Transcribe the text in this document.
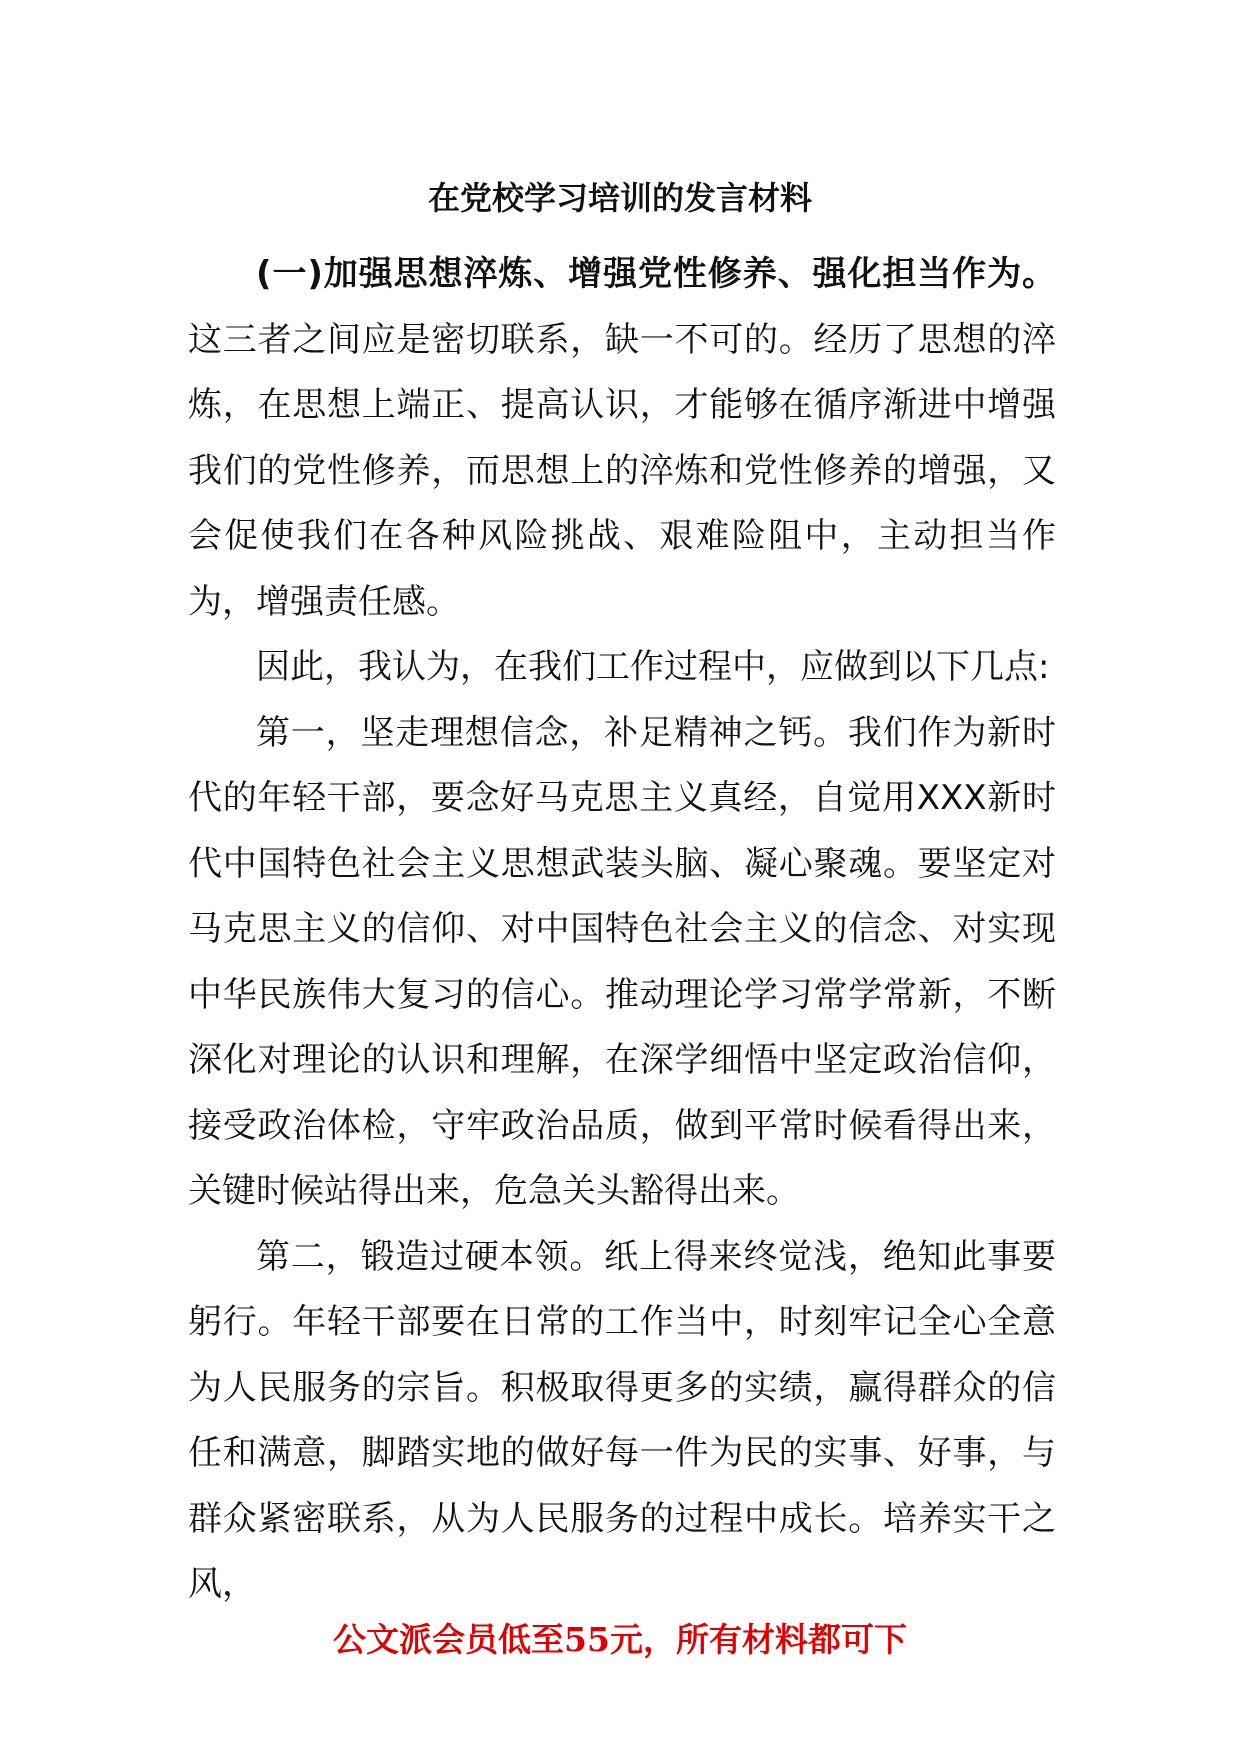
在党校学习培训的发言材料

(一)加强思想淬炼、增强党性修养、强化担当作为。这三者之间应是密切联系，缺一不可的。经历了思想的淬炼，在思想上端正、提高认识，才能够在循序渐进中增强我们的党性修养，而思想上的淬炼和党性修养的增强，又会促使我们在各种风险挑战、艰难险阻中，主动担当作为，增强责任感。

因此，我认为，在我们工作过程中，应做到以下几点:

第一，坚走理想信念，补足精神之钙。我们作为新时代的年轻干部，要念好马克思主义真经，自觉用XXX新时代中国特色社会主义思想武装头脑、凝心聚魂。要坚定对马克思主义的信仰、对中国特色社会主义的信念、对实现中华民族伟大复习的信心。推动理论学习常学常新，不断深化对理论的认识和理解，在深学细悟中坚定政治信仰，接受政治体检，守牢政治品质，做到平常时候看得出来，关键时候站得出来，危急关头豁得出来。

第二，锻造过硬本领。纸上得来终觉浅，绝知此事要躬行。年轻干部要在日常的工作当中，时刻牢记全心全意为人民服务的宗旨。积极取得更多的实绩，赢得群众的信任和满意，脚踏实地的做好每一件为民的实事、好事，与群众紧密联系，从为人民服务的过程中成长。培养实干之风，

公文派会员低至55元，所有材料都可下
